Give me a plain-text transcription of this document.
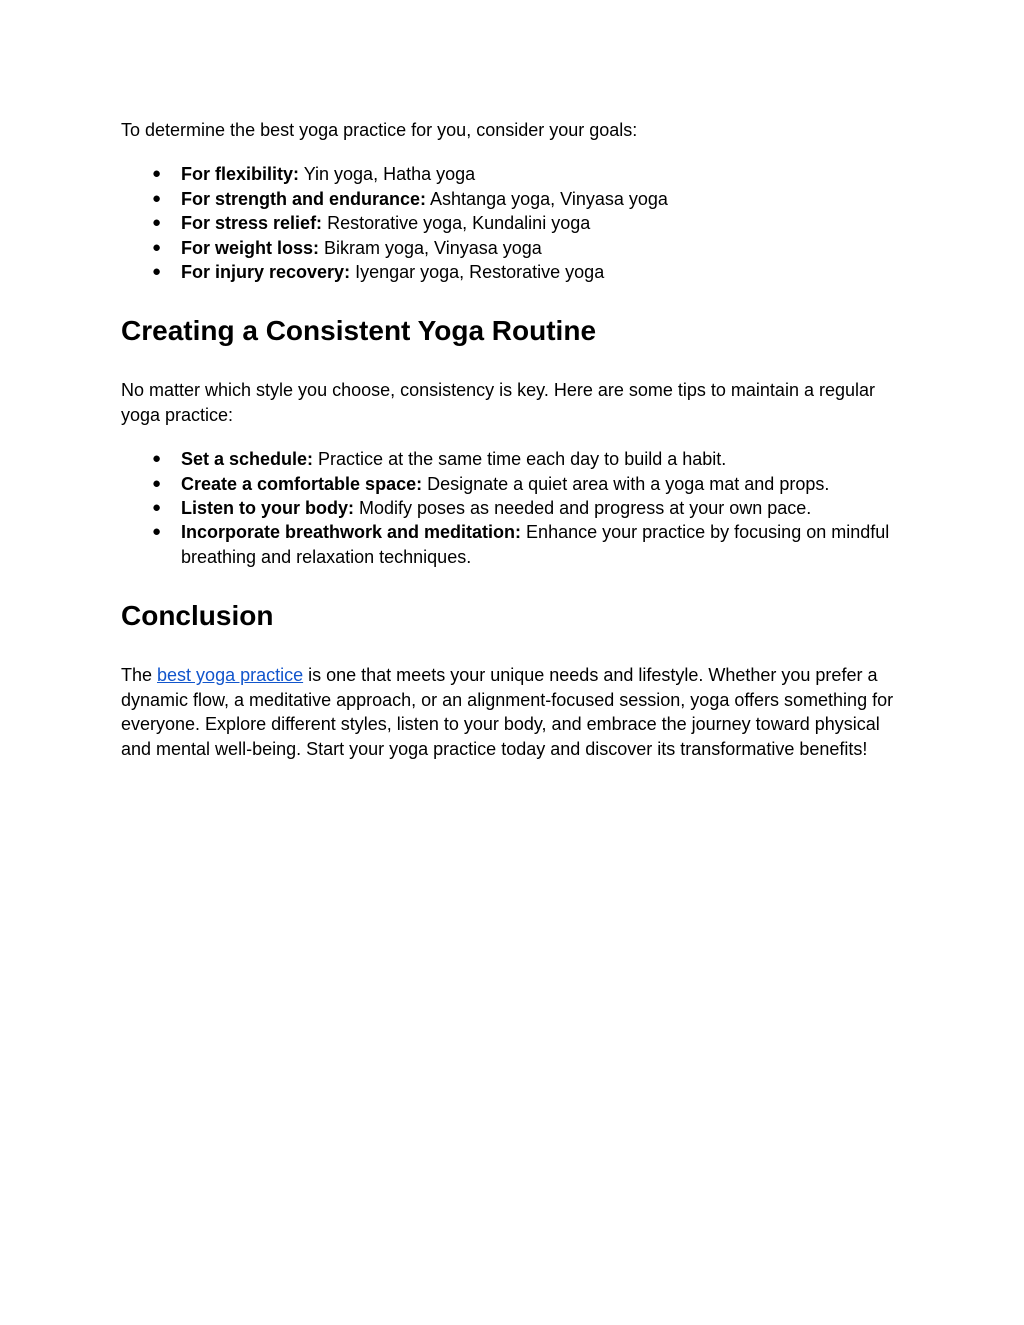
To determine the best yoga practice for you, consider your goals:

● For flexibility: Yin yoga, Hatha yoga
● For strength and endurance: Ashtanga yoga, Vinyasa yoga
● For stress relief: Restorative yoga, Kundalini yoga
● For weight loss: Bikram yoga, Vinyasa yoga
● For injury recovery: Iyengar yoga, Restorative yoga
Creating a Consistent Yoga Routine

No matter which style you choose, consistency is key. Here are some tips to maintain a regular yoga practice:

● Set a schedule: Practice at the same time each day to build a habit.
● Create a comfortable space: Designate a quiet area with a yoga mat and props.
● Listen to your body: Modify poses as needed and progress at your own pace.
● Incorporate breathwork and meditation: Enhance your practice by focusing on mindful breathing and relaxation techniques.
Conclusion

The best yoga practice is one that meets your unique needs and lifestyle. Whether you prefer a dynamic flow, a meditative approach, or an alignment-focused session, yoga offers something for everyone. Explore different styles, listen to your body, and embrace the journey toward physical and mental well-being. Start your yoga practice today and discover its transformative benefits!
